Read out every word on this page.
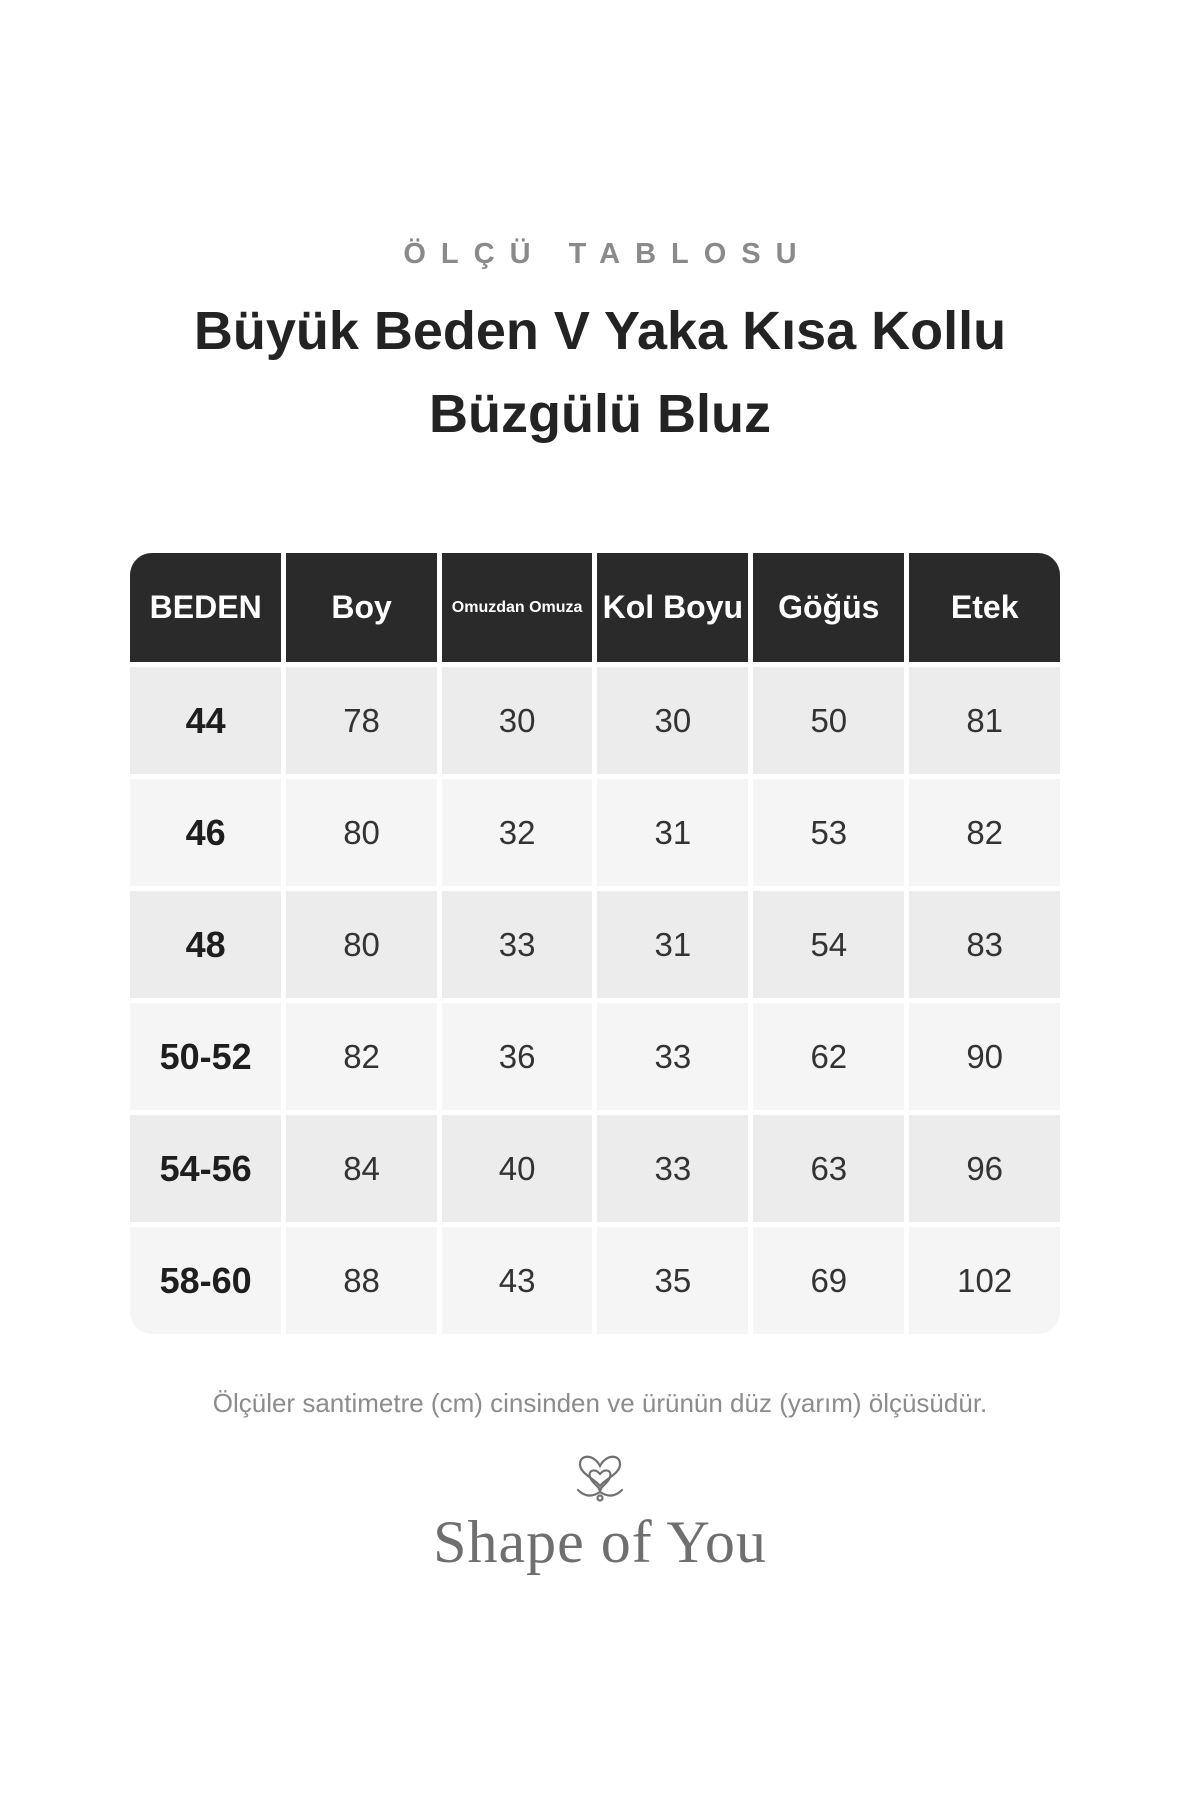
ÖLÇÜ TABLOSU
Büyük Beden V Yaka Kısa Kollu
Büzgülü Bluz
BEDEN	Boy	Omuzdan Omuza	Kol Boyu	Göğüs	Etek
44	78	30	30	50	81
46	80	32	31	53	82
48	80	33	31	54	83
50-52	82	36	33	62	90
54-56	84	40	33	63	96
58-60	88	43	35	69	102
Ölçüler santimetre (cm) cinsinden ve ürünün düz (yarım) ölçüsüdür.
Shape of You
